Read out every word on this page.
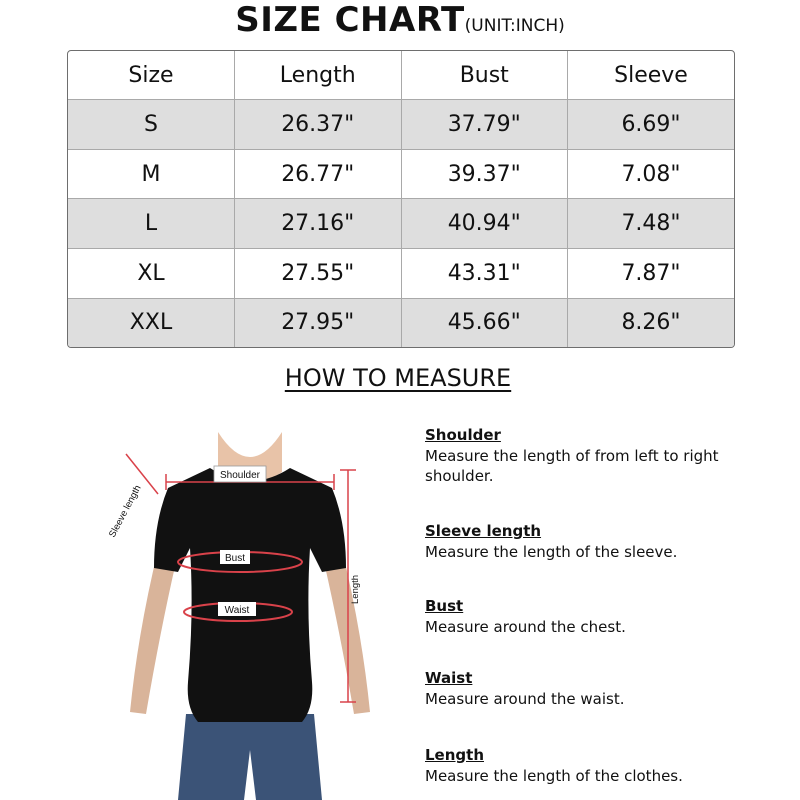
SIZE CHART(UNIT:INCH)
Size	Length	Bust	Sleeve
S	26.37"	37.79"	6.69"
M	26.77"	39.37"	7.08"
L	27.16"	40.94"	7.48"
XL	27.55"	43.31"	7.87"
XXL	27.95"	45.66"	8.26"
HOW TO MEASURE
Shoulder
Sleeve length
Bust
Waist
Length
Shoulder
Measure the length of from left to right
shoulder.
Sleeve length
Measure the length of the sleeve.
Bust
Measure around the chest.
Waist
Measure around the waist.
Length
Measure the length of the clothes.
